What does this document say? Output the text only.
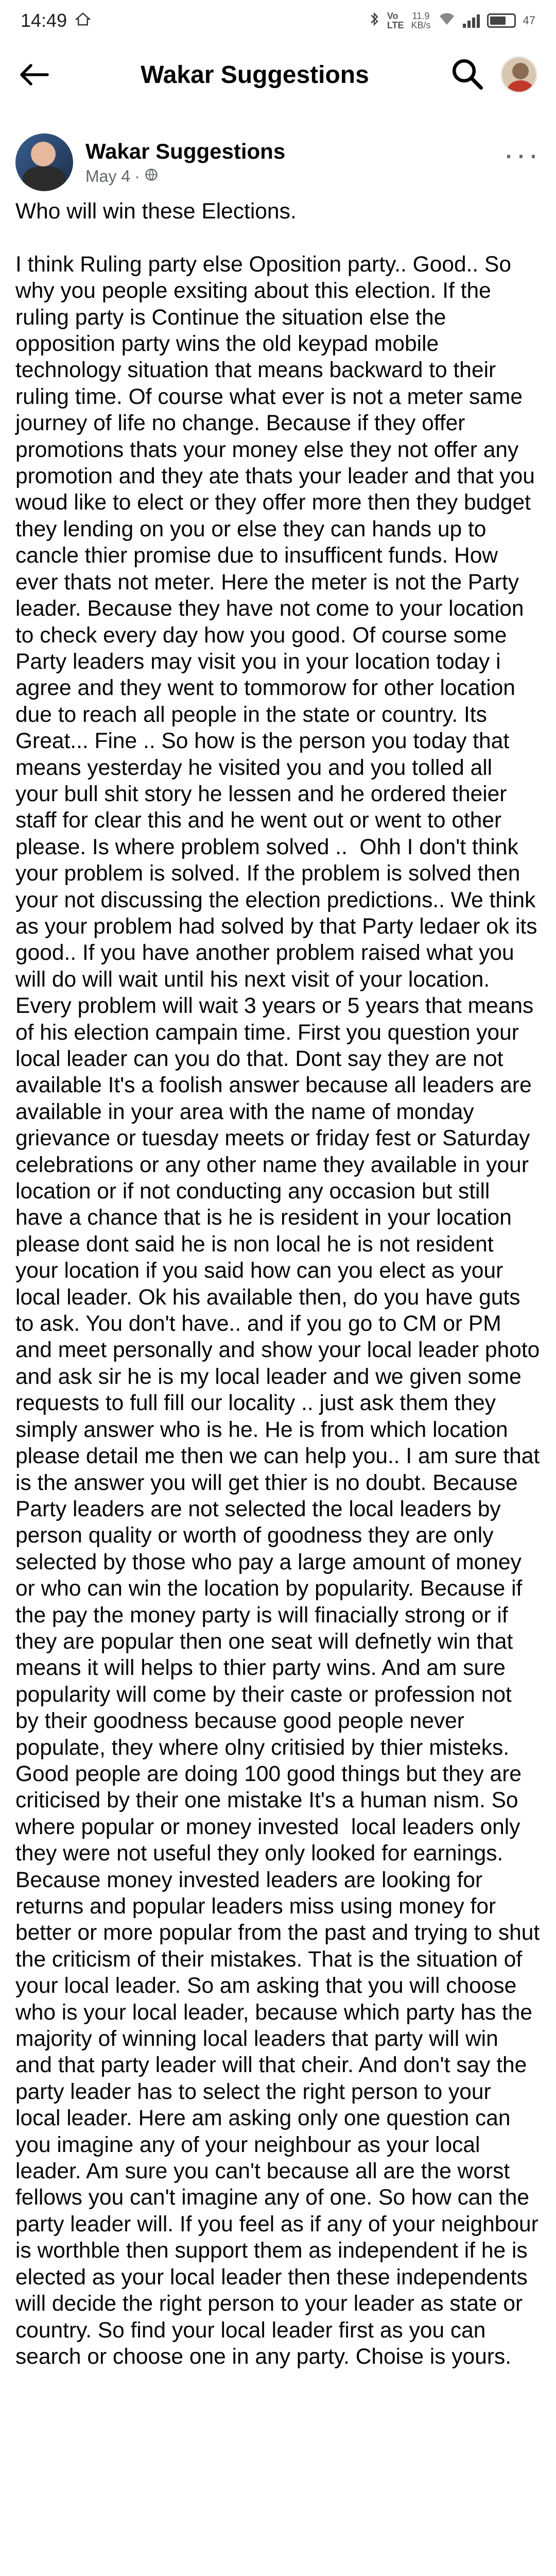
14:49	Vo
LTE
11.9
KB/s	47
Wakar Suggestions
Wakar Suggestions
May 4 ·
···
Who will win these Elections.

I think Ruling party else Oposition party.. Good.. So why you people exsiting about this election. If the ruling party is Continue the situation else the opposition party wins the old keypad mobile technology situation that means backward to their ruling time. Of course what ever is not a meter same journey of life no change. Because if they offer promotions thats your money else they not offer any promotion and they ate thats your leader and that you woud like to elect or they offer more then they budget they lending on you or else they can hands up to cancle thier promise due to insufficent funds. How ever thats not meter. Here the meter is not the Party leader. Because they have not come to your location to check every day how you good. Of course some Party leaders may visit you in your location today i agree and they went to tommorow for other location due to reach all people in the state or country. Its Great... Fine .. So how is the person you today that means yesterday he visited you and you tolled all your bull shit story he lessen and he ordered theier staff for clear this and he went out or went to other please. Is where problem solved ..  Ohh I don't think your problem is solved. If the problem is solved then your not discussing the election predictions.. We think as your problem had solved by that Party ledaer ok its good.. If you have another problem raised what you will do will wait until his next visit of your location. Every problem will wait 3 years or 5 years that means of his election campain time. First you question your local leader can you do that. Dont say they are not available It's a foolish answer because all leaders are available in your area with the name of monday grievance or tuesday meets or friday fest or Saturday celebrations or any other name they available in your location or if not conducting any occasion but still have a chance that is he is resident in your location please dont said he is non local he is not resident your location if you said how can you elect as your local leader. Ok his available then, do you have guts to ask. You don't have.. and if you go to CM or PM and meet personally and show your local leader photo and ask sir he is my local leader and we given some requests to full fill our locality .. just ask them they simply answer who is he. He is from which location please detail me then we can help you.. I am sure that is the answer you will get thier is no doubt. Because Party leaders are not selected the local leaders by person quality or worth of goodness they are only selected by those who pay a large amount of money or who can win the location by popularity. Because if the pay the money party is will finacially strong or if they are popular then one seat will defnetly win that means it will helps to thier party wins. And am sure popularity will come by their caste or profession not by their goodness because good people never populate, they where olny critisied by thier misteks. Good people are doing 100 good things but they are criticised by their one mistake It's a human nism. So where popular or money invested  local leaders only they were not useful they only looked for earnings. Because money invested leaders are looking for returns and popular leaders miss using money for better or more popular from the past and trying to shut the criticism of their mistakes. That is the situation of your local leader. So am asking that you will choose who is your local leader, because which party has the majority of winning local leaders that party will win and that party leader will that cheir. And don't say the party leader has to select the right person to your local leader. Here am asking only one question can you imagine any of your neighbour as your local leader. Am sure you can't because all are the worst fellows you can't imagine any of one. So how can the party leader will. If you feel as if any of your neighbour is worthble then support them as independent if he is elected as your local leader then these independents will decide the right person to your leader as state or country. So find your local leader first as you can search or choose one in any party. Choise is yours.
